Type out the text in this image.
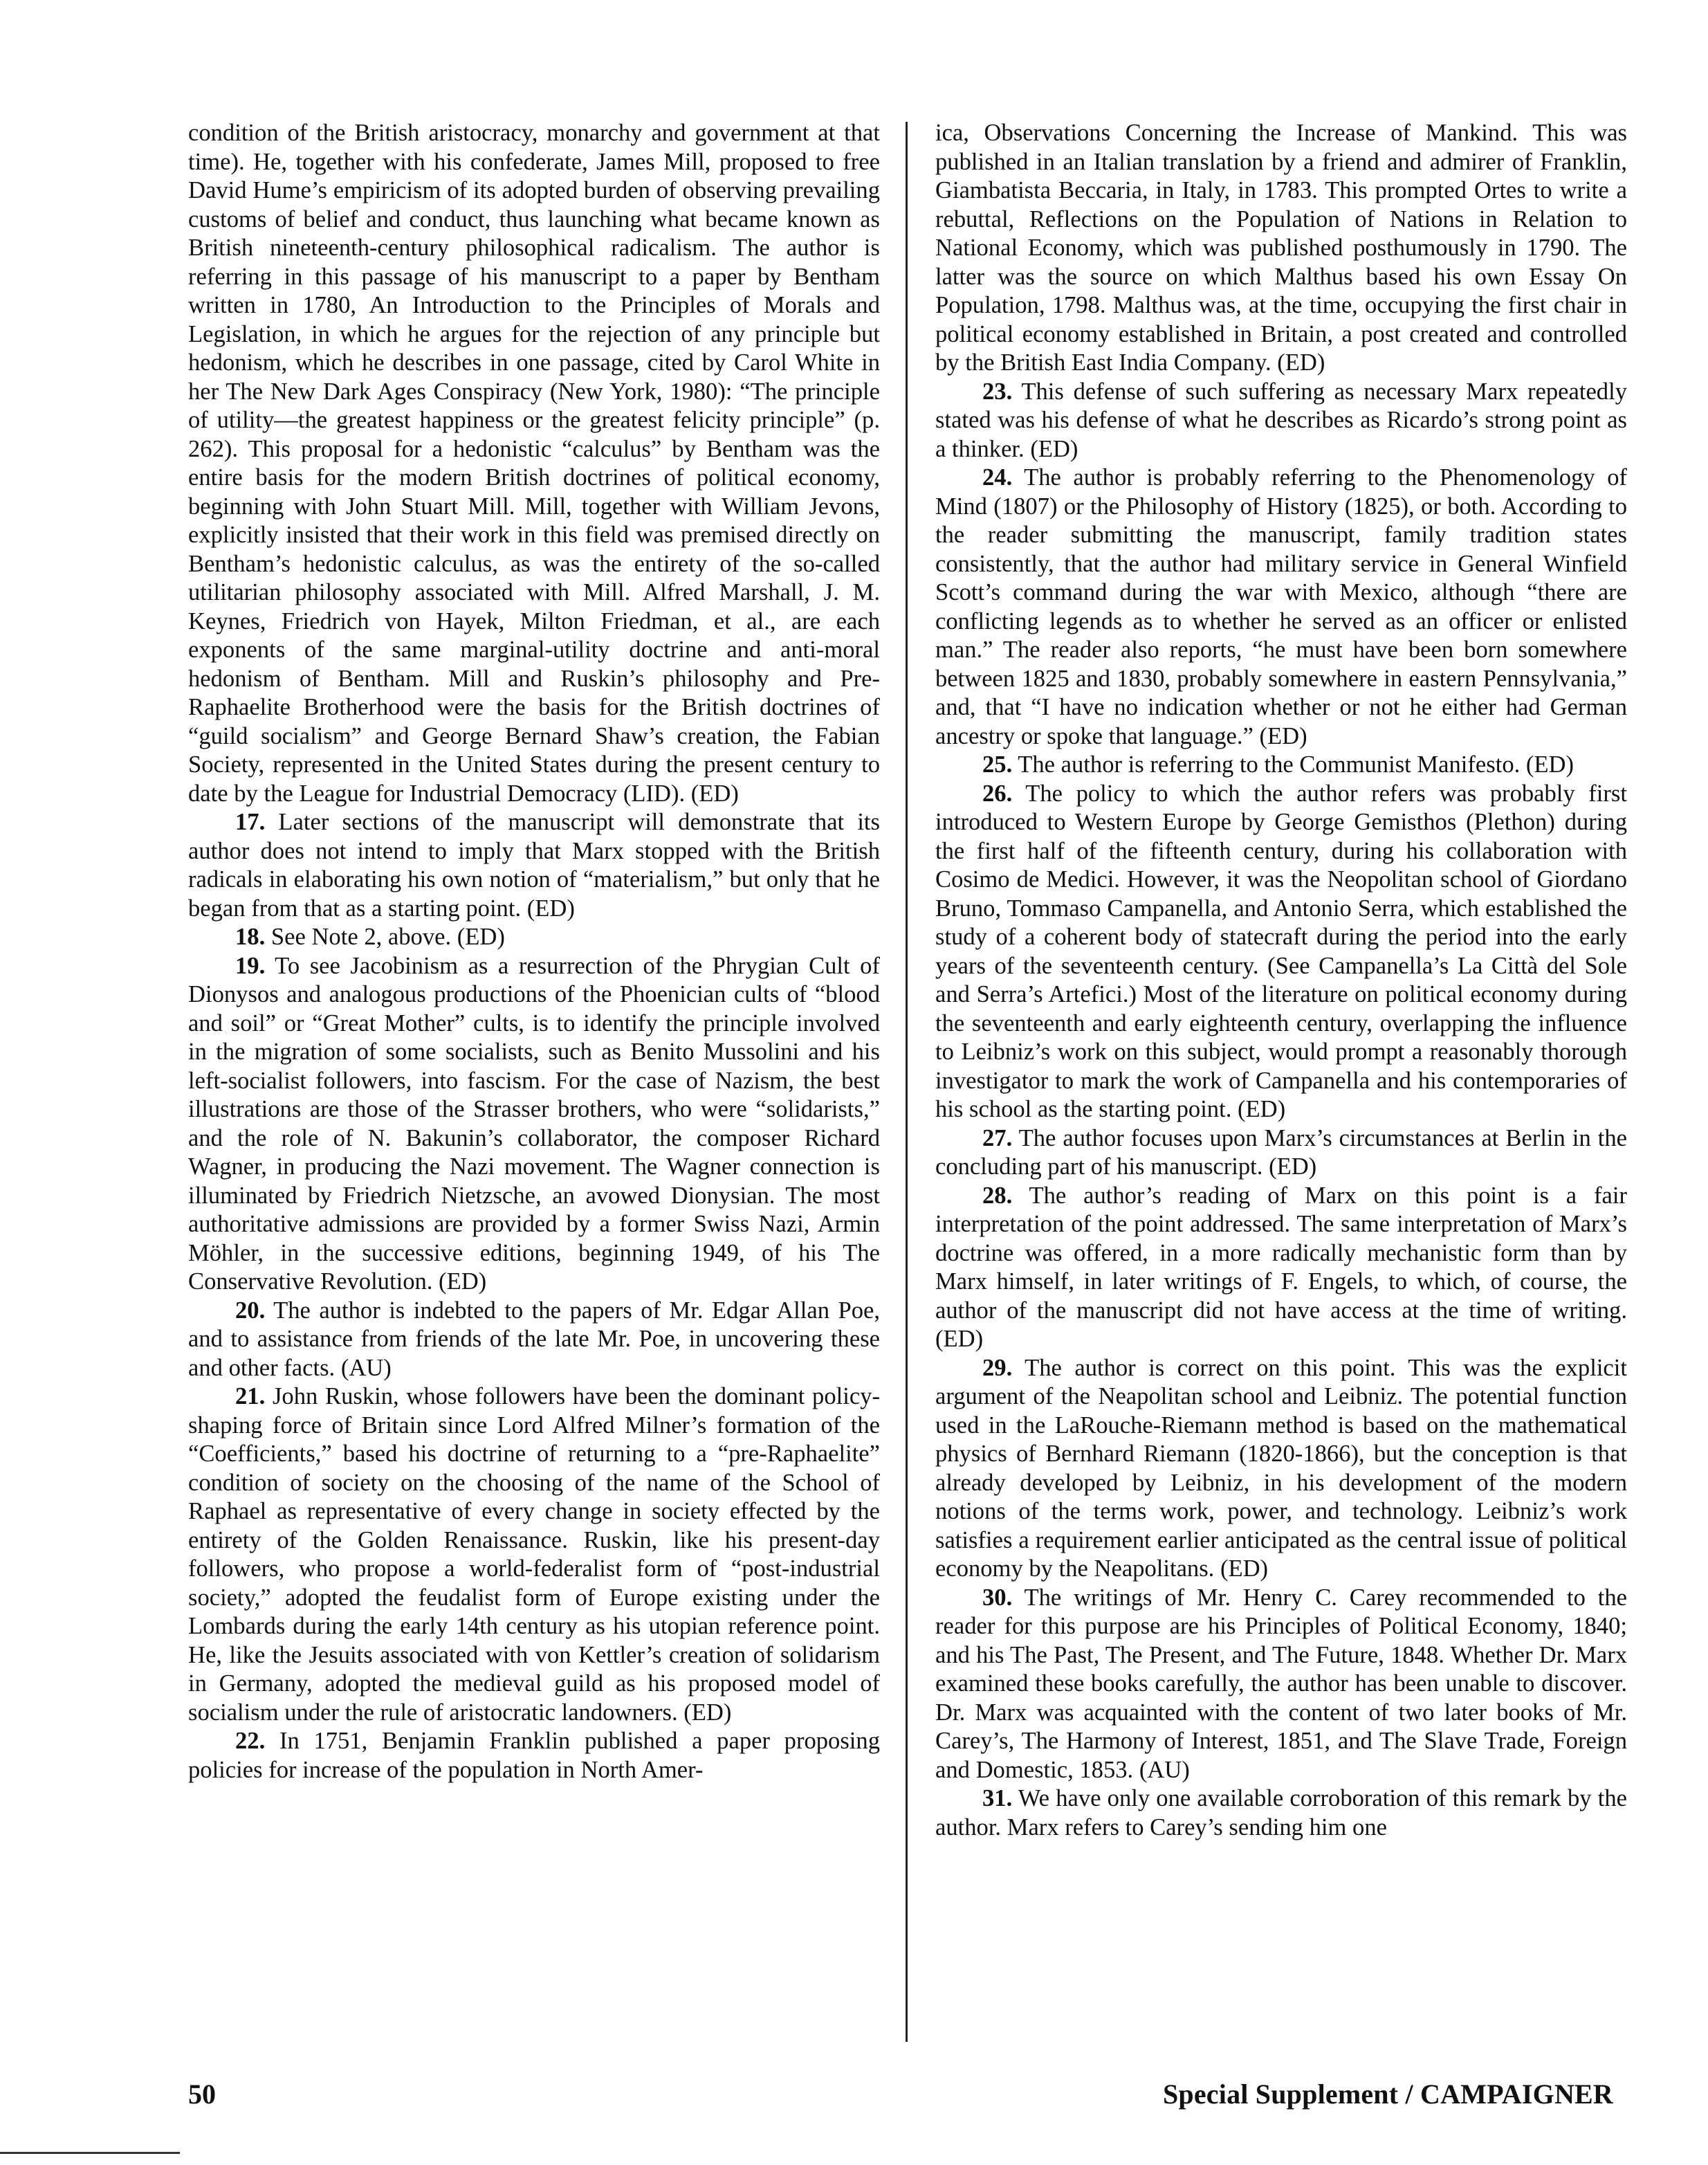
condition of the British aristocracy, monarchy and government at that time). He, together with his confederate, James Mill, proposed to free David Hume’s empiricism of its adopted burden of observing prevailing customs of belief and conduct, thus launching what became known as British nineteenth-century philosophical radicalism. The author is referring in this passage of his manuscript to a paper by Bentham written in 1780, An Introduction to the Principles of Morals and Legislation, in which he argues for the rejection of any principle but hedonism, which he describes in one passage, cited by Carol White in her The New Dark Ages Conspiracy (New York, 1980): “The principle of utility—the greatest happiness or the greatest felicity principle” (p. 262). This proposal for a hedonistic “calculus” by Bentham was the entire basis for the modern British doctrines of political economy, beginning with John Stuart Mill. Mill, together with William Jevons, explicitly insisted that their work in this field was premised directly on Bentham’s hedonistic calculus, as was the entirety of the so-called utilitarian philosophy associated with Mill. Alfred Marshall, J. M. Keynes, Friedrich von Hayek, Milton Friedman, et al., are each exponents of the same marginal-utility doctrine and anti-moral hedonism of Bentham. Mill and Ruskin’s philosophy and Pre-Raphaelite Brotherhood were the basis for the British doctrines of “guild socialism” and George Bernard Shaw’s creation, the Fabian Society, represented in the United States during the present century to date by the League for Industrial Democracy (LID). (ED)

17. Later sections of the manuscript will demonstrate that its author does not intend to imply that Marx stopped with the British radicals in elaborating his own notion of “materialism,” but only that he began from that as a starting point. (ED)

18. See Note 2, above. (ED)

19. To see Jacobinism as a resurrection of the Phrygian Cult of Dionysos and analogous productions of the Phoenician cults of “blood and soil” or “Great Mother” cults, is to identify the principle involved in the migration of some socialists, such as Benito Mussolini and his left-socialist followers, into fascism. For the case of Nazism, the best illustrations are those of the Strasser brothers, who were “solidarists,” and the role of N. Bakunin’s collaborator, the composer Richard Wagner, in producing the Nazi movement. The Wagner connection is illuminated by Friedrich Nietzsche, an avowed Dionysian. The most authoritative admissions are provided by a former Swiss Nazi, Armin Möhler, in the successive editions, beginning 1949, of his The Conservative Revolution. (ED)

20. The author is indebted to the papers of Mr. Edgar Allan Poe, and to assistance from friends of the late Mr. Poe, in uncovering these and other facts. (AU)

21. John Ruskin, whose followers have been the dominant policy-shaping force of Britain since Lord Alfred Milner’s formation of the “Coefficients,” based his doctrine of returning to a “pre-Raphaelite” condition of society on the choosing of the name of the School of Raphael as representative of every change in society effected by the entirety of the Golden Renaissance. Ruskin, like his present-day followers, who propose a world-federalist form of “post-industrial society,” adopted the feudalist form of Europe existing under the Lombards during the early 14th century as his utopian reference point. He, like the Jesuits associated with von Kettler’s creation of solidarism in Germany, adopted the medieval guild as his proposed model of socialism under the rule of aristocratic landowners. (ED)

22. In 1751, Benjamin Franklin published a paper proposing policies for increase of the population in North Amer-

ica, Observations Concerning the Increase of Mankind. This was published in an Italian translation by a friend and admirer of Franklin, Giambatista Beccaria, in Italy, in 1783. This prompted Ortes to write a rebuttal, Reflections on the Population of Nations in Relation to National Economy, which was published posthumously in 1790. The latter was the source on which Malthus based his own Essay On Population, 1798. Malthus was, at the time, occupying the first chair in political economy established in Britain, a post created and controlled by the British East India Company. (ED)

23. This defense of such suffering as necessary Marx repeatedly stated was his defense of what he describes as Ricardo’s strong point as a thinker. (ED)

24. The author is probably referring to the Phenomenology of Mind (1807) or the Philosophy of History (1825), or both. According to the reader submitting the manuscript, family tradition states consistently, that the author had military service in General Winfield Scott’s command during the war with Mexico, although “there are conflicting legends as to whether he served as an officer or enlisted man.” The reader also reports, “he must have been born somewhere between 1825 and 1830, probably somewhere in eastern Pennsylvania,” and, that “I have no indication whether or not he either had German ancestry or spoke that language.” (ED)

25. The author is referring to the Communist Manifesto. (ED)

26. The policy to which the author refers was probably first introduced to Western Europe by George Gemisthos (Plethon) during the first half of the fifteenth century, during his collaboration with Cosimo de Medici. However, it was the Neopolitan school of Giordano Bruno, Tommaso Campanella, and Antonio Serra, which established the study of a coherent body of statecraft during the period into the early years of the seventeenth century. (See Campanella’s La Città del Sole and Serra’s Artefici.) Most of the literature on political economy during the seventeenth and early eighteenth century, overlapping the influence to Leibniz’s work on this subject, would prompt a reasonably thorough investigator to mark the work of Campanella and his contemporaries of his school as the starting point. (ED)

27. The author focuses upon Marx’s circumstances at Berlin in the concluding part of his manuscript. (ED)

28. The author’s reading of Marx on this point is a fair interpretation of the point addressed. The same interpretation of Marx’s doctrine was offered, in a more radically mechanistic form than by Marx himself, in later writings of F. Engels, to which, of course, the author of the manuscript did not have access at the time of writing. (ED)

29. The author is correct on this point. This was the explicit argument of the Neapolitan school and Leibniz. The potential function used in the LaRouche-Riemann method is based on the mathematical physics of Bernhard Riemann (1820-1866), but the conception is that already developed by Leibniz, in his development of the modern notions of the terms work, power, and technology. Leibniz’s work satisfies a requirement earlier anticipated as the central issue of political economy by the Neapolitans. (ED)

30. The writings of Mr. Henry C. Carey recommended to the reader for this purpose are his Principles of Political Economy, 1840; and his The Past, The Present, and The Future, 1848. Whether Dr. Marx examined these books carefully, the author has been unable to discover. Dr. Marx was acquainted with the content of two later books of Mr. Carey’s, The Harmony of Interest, 1851, and The Slave Trade, Foreign and Domestic, 1853. (AU)

31. We have only one available corroboration of this remark by the author. Marx refers to Carey’s sending him one

50	Special Supplement / CAMPAIGNER
